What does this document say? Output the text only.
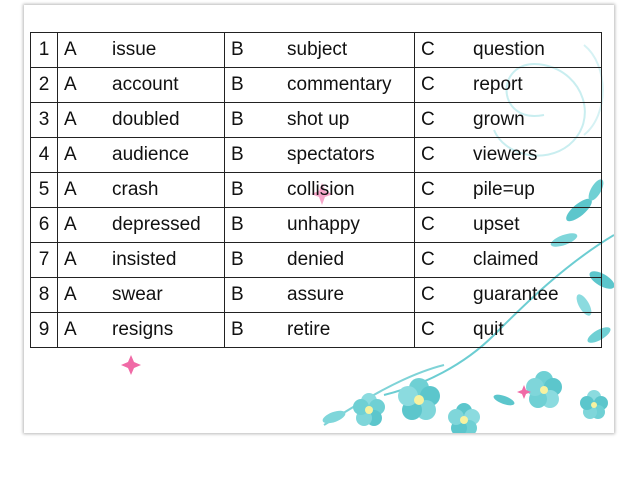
1	A issue	B subject	C question
2	A account	B commentary	C report
3	A doubled	B shot up	C grown
4	A audience	B spectators	C viewers
5	A crash	B collision	C pile=up
6	A depressed	B unhappy	C upset
7	A insisted	B denied	C claimed
8	A swear	B assure	C guarantee
9	A resigns	B retire	C quit
